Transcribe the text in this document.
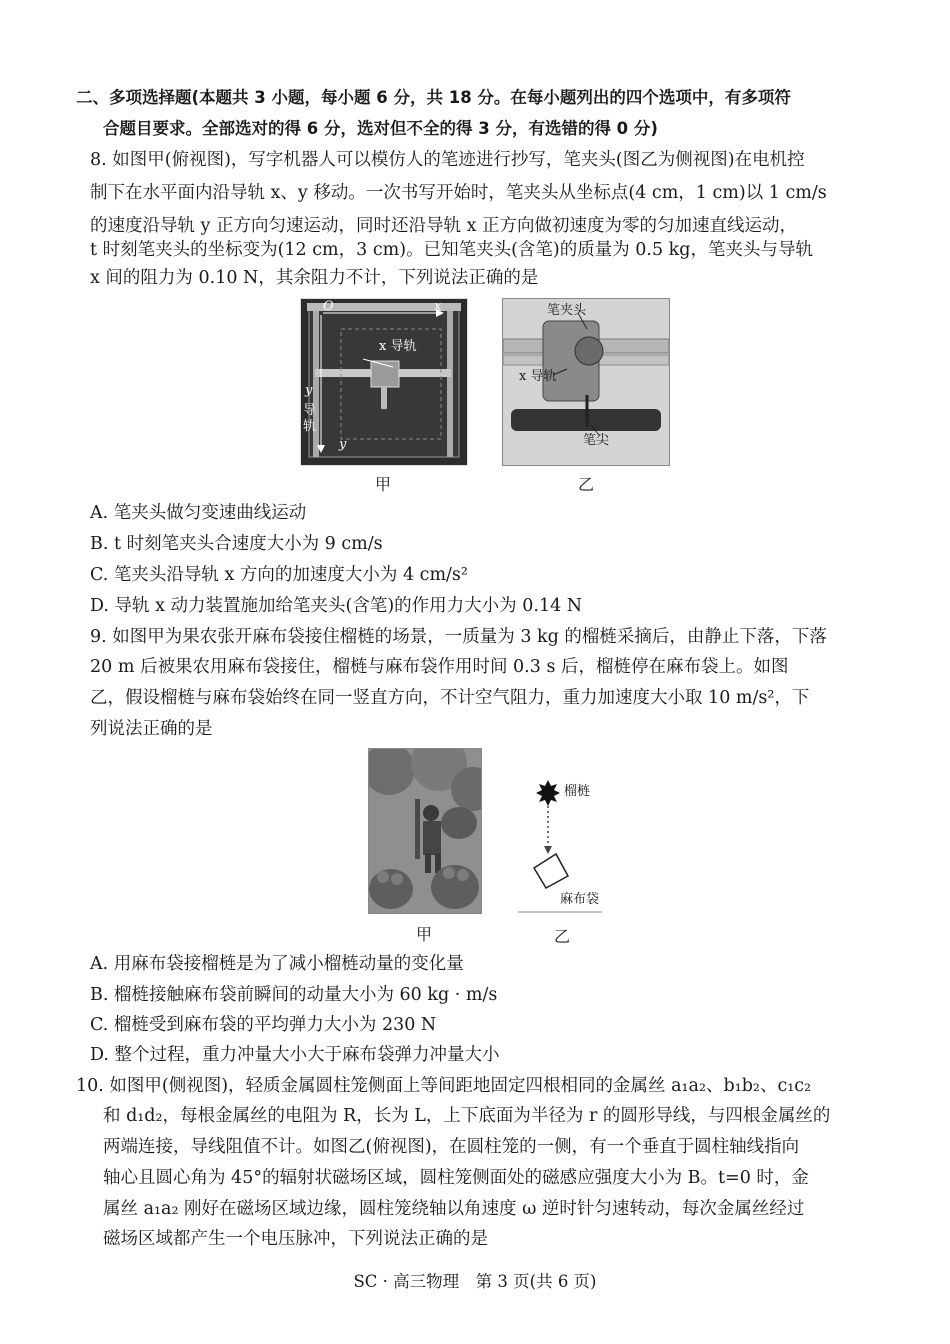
二、多项选择题(本题共 3 小题，每小题 6 分，共 18 分。在每小题列出的四个选项中，有多项符
合题目要求。全部选对的得 6 分，选对但不全的得 3 分，有选错的得 0 分)
8. 如图甲(俯视图)，写字机器人可以模仿人的笔迹进行抄写，笔夹头(图乙为侧视图)在电机控
制下在水平面内沿导轨 x、y 移动。一次书写开始时，笔夹头从坐标点(4 cm，1 cm)以 1 cm/s
的速度沿导轨 y 正方向匀速运动，同时还沿导轨 x 正方向做初速度为零的匀加速直线运动，
t 时刻笔夹头的坐标变为(12 cm，3 cm)。已知笔夹头(含笔)的质量为 0.5 kg，笔夹头与导轨
x 间的阻力为 0.10 N，其余阻力不计，下列说法正确的是
O	x
x 导轨
y
导
轨
y
甲
笔夹头
x 导轨
笔尖
乙
A. 笔夹头做匀变速曲线运动
B. t 时刻笔夹头合速度大小为 9 cm/s
C. 笔夹头沿导轨 x 方向的加速度大小为 4 cm/s²
D. 导轨 x 动力装置施加给笔夹头(含笔)的作用力大小为 0.14 N
9. 如图甲为果农张开麻布袋接住榴梿的场景，一质量为 3 kg 的榴梿采摘后，由静止下落，下落
20 m 后被果农用麻布袋接住，榴梿与麻布袋作用时间 0.3 s 后，榴梿停在麻布袋上。如图
乙，假设榴梿与麻布袋始终在同一竖直方向，不计空气阻力，重力加速度大小取 10 m/s²，下
列说法正确的是
甲
榴梿
麻布袋
乙
A. 用麻布袋接榴梿是为了减小榴梿动量的变化量
B. 榴梿接触麻布袋前瞬间的动量大小为 60 kg · m/s
C. 榴梿受到麻布袋的平均弹力大小为 230 N
D. 整个过程，重力冲量大小大于麻布袋弹力冲量大小
10. 如图甲(侧视图)，轻质金属圆柱笼侧面上等间距地固定四根相同的金属丝 a₁a₂、b₁b₂、c₁c₂
和 d₁d₂，每根金属丝的电阻为 R，长为 L，上下底面为半径为 r 的圆形导线，与四根金属丝的
两端连接，导线阻值不计。如图乙(俯视图)，在圆柱笼的一侧，有一个垂直于圆柱轴线指向
轴心且圆心角为 45°的辐射状磁场区域，圆柱笼侧面处的磁感应强度大小为 B。t=0 时，金
属丝 a₁a₂ 刚好在磁场区域边缘，圆柱笼绕轴以角速度 ω 逆时针匀速转动，每次金属丝经过
磁场区域都产生一个电压脉冲，下列说法正确的是
SC · 高三物理　第 3 页(共 6 页)
